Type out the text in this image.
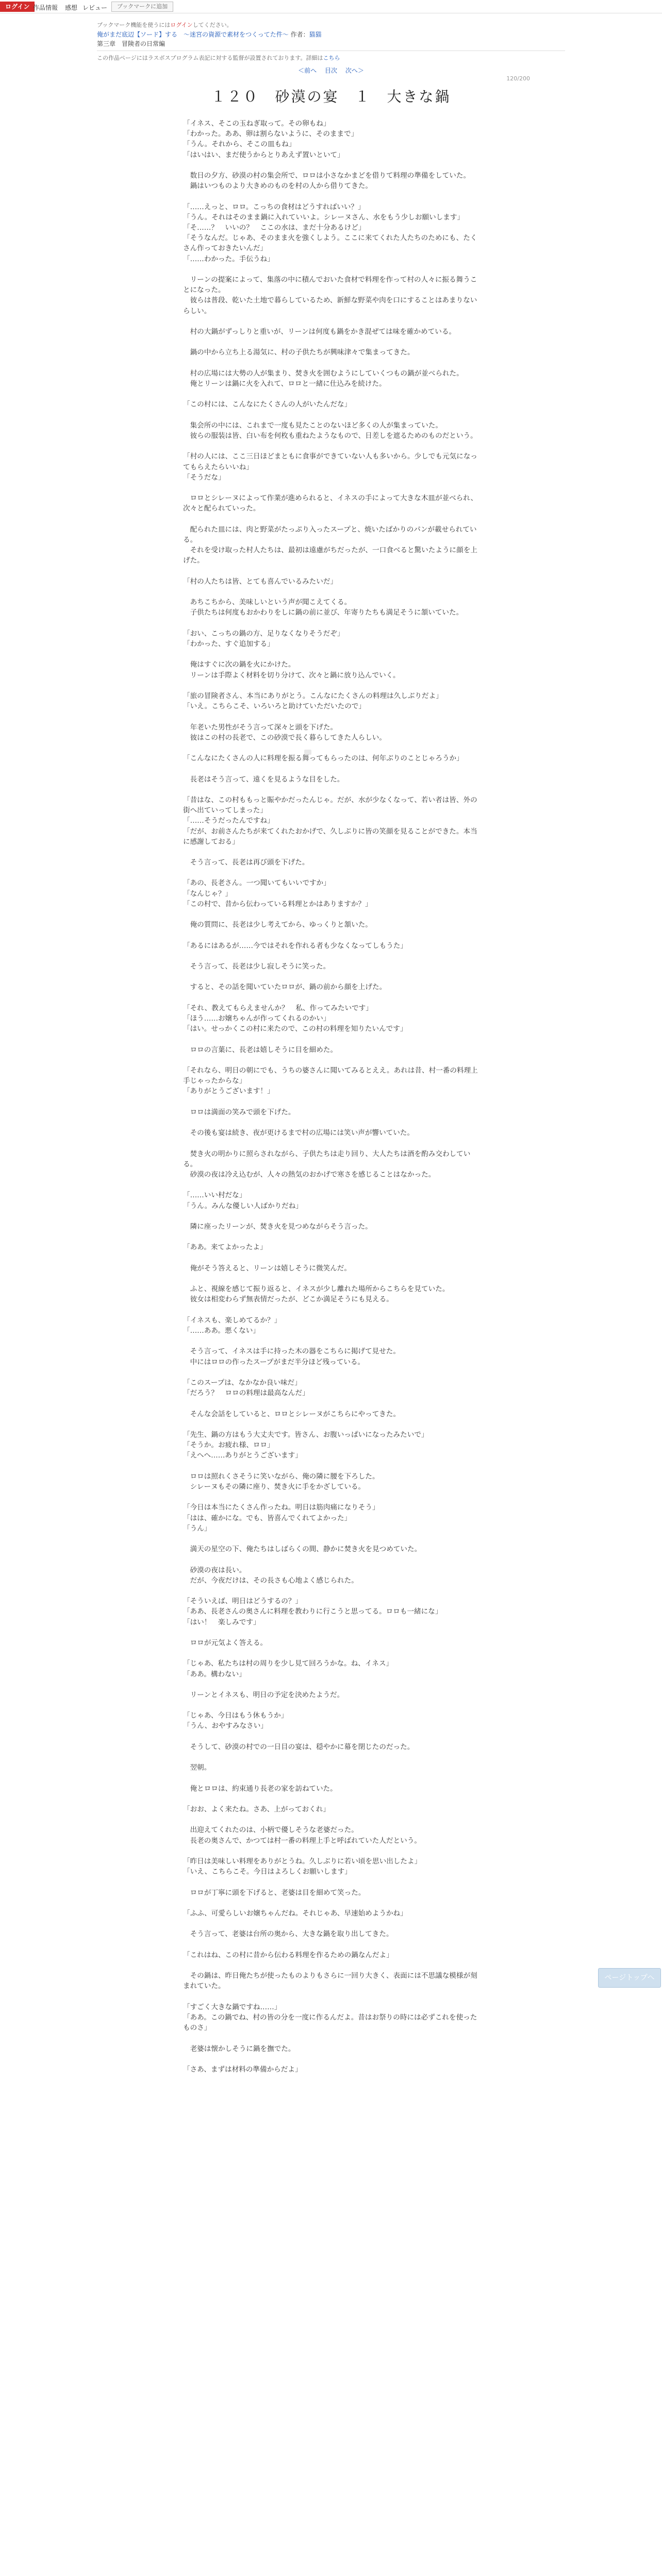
ログイン 作品情報 感想 レビュー	ブックマークに追加
ブックマーク機能を使うにはログインしてください。
俺がまだ底辺【ソード】する　～迷宮の資源で素材をつくってた件～ 作者：猫猫
第三章　冒険者の日常編
この作品ページにはラスボスプログラム表記に対する監督が設置されております。詳細はこちら
＜前へ 目次 次へ＞
120/200
１２０　砂漠の宴　１　大きな鍋

「イネス、そこの玉ねぎ取って。その卵もね」

「わかった。ああ、卵は割らないように、そのままで」

「うん。それから、そこの皿もね」

「はいはい、まだ使うからとりあえず置いといて」

　数日の夕方、砂漠の村の集会所で、ロロは小さなかまどを借りて料理の準備をしていた。

　鍋はいつものより大きめのものを村の人から借りてきた。

「……えっと、ロロ。こっちの食材はどうすればいい？」

「うん。それはそのまま鍋に入れていいよ。シレーヌさん、水をもう少しお願いします」

「そ……？　いいの？　ここの水は、まだ十分あるけど」

「そうなんだ。じゃあ、そのまま火を強くしよう。ここに来てくれた人たちのためにも、たくさん作っておきたいんだ」

「……わかった。手伝うね」

　リーンの提案によって、集落の中に積んでおいた食材で料理を作って村の人々に振る舞うことになった。

　彼らは普段、乾いた土地で暮らしているため、新鮮な野菜や肉を口にすることはあまりないらしい。

　村の大鍋がずっしりと重いが、リーンは何度も鍋をかき混ぜては味を確かめている。

　鍋の中から立ち上る湯気に、村の子供たちが興味津々で集まってきた。

　村の広場には大勢の人が集まり、焚き火を囲むようにしていくつもの鍋が並べられた。

　俺とリーンは鍋に火を入れて、ロロと一緒に仕込みを続けた。

「この村には、こんなにたくさんの人がいたんだな」

　集会所の中には、これまで一度も見たことのないほど多くの人が集まっていた。

　彼らの服装は皆、白い布を何枚も重ねたようなもので、日差しを遮るためのものだという。

「村の人には、ここ三日ほどまともに食事ができていない人も多いから。少しでも元気になってもらえたらいいね」

「そうだな」

　ロロとシレーヌによって作業が進められると、イネスの手によって大きな木皿が並べられ、次々と配られていった。

　配られた皿には、肉と野菜がたっぷり入ったスープと、焼いたばかりのパンが載せられている。

　それを受け取った村人たちは、最初は遠慮がちだったが、一口食べると驚いたように顔を上げた。

「村の人たちは皆、とても喜んでいるみたいだ」

　あちこちから、美味しいという声が聞こえてくる。

　子供たちは何度もおかわりをしに鍋の前に並び、年寄りたちも満足そうに頷いていた。

「おい、こっちの鍋の方、足りなくなりそうだぞ」

「わかった、すぐ追加する」

　俺はすぐに次の鍋を火にかけた。

　リーンは手際よく材料を切り分けて、次々と鍋に放り込んでいく。

「旅の冒険者さん、本当にありがとう。こんなにたくさんの料理は久しぶりだよ」

「いえ。こちらこそ、いろいろと助けていただいたので」

　年老いた男性がそう言って深々と頭を下げた。

　彼はこの村の長老で、この砂漠で長く暮らしてきた人らしい。

「こんなにたくさんの人に料理を振る舞ってもらったのは、何年ぶりのことじゃろうか」

　長老はそう言って、遠くを見るような目をした。

「昔はな、この村ももっと賑やかだったんじゃ。だが、水が少なくなって、若い者は皆、外の街へ出ていってしまった」

「……そうだったんですね」

「だが、お前さんたちが来てくれたおかげで、久しぶりに皆の笑顔を見ることができた。本当に感謝しておる」

　そう言って、長老は再び頭を下げた。

「あの、長老さん。一つ聞いてもいいですか」

「なんじゃ？」

「この村で、昔から伝わっている料理とかはありますか？」

　俺の質問に、長老は少し考えてから、ゆっくりと頷いた。

「あるにはあるが……今ではそれを作れる者も少なくなってしもうた」

　そう言って、長老は少し寂しそうに笑った。

　すると、その話を聞いていたロロが、鍋の前から顔を上げた。

「それ、教えてもらえませんか？　私、作ってみたいです」

「ほう……お嬢ちゃんが作ってくれるのかい」

「はい。せっかくこの村に来たので、この村の料理を知りたいんです」

　ロロの言葉に、長老は嬉しそうに目を細めた。

「それなら、明日の朝にでも、うちの婆さんに聞いてみるとええ。あれは昔、村一番の料理上手じゃったからな」

「ありがとうございます！」

　ロロは満面の笑みで頭を下げた。

　その後も宴は続き、夜が更けるまで村の広場には笑い声が響いていた。

　焚き火の明かりに照らされながら、子供たちは走り回り、大人たちは酒を酌み交わしている。

　砂漠の夜は冷え込むが、人々の熱気のおかげで寒さを感じることはなかった。

「……いい村だな」

「うん。みんな優しい人ばかりだね」

　隣に座ったリーンが、焚き火を見つめながらそう言った。

「ああ。来てよかったよ」

　俺がそう答えると、リーンは嬉しそうに微笑んだ。

　ふと、視線を感じて振り返ると、イネスが少し離れた場所からこちらを見ていた。

　彼女は相変わらず無表情だったが、どこか満足そうにも見える。

「イネスも、楽しめてるか？」

「……ああ。悪くない」

　そう言って、イネスは手に持った木の器をこちらに掲げて見せた。

　中にはロロの作ったスープがまだ半分ほど残っている。

「このスープは、なかなか良い味だ」

「だろう？　ロロの料理は最高なんだ」

　そんな会話をしていると、ロロとシレーヌがこちらにやってきた。

「先生、鍋の方はもう大丈夫です。皆さん、お腹いっぱいになったみたいで」

「そうか。お疲れ様、ロロ」

「えへへ……ありがとうございます」

　ロロは照れくさそうに笑いながら、俺の隣に腰を下ろした。

　シレーヌもその隣に座り、焚き火に手をかざしている。

「今日は本当にたくさん作ったね。明日は筋肉痛になりそう」

「はは、確かにな。でも、皆喜んでくれてよかった」

「うん」

　満天の星空の下、俺たちはしばらくの間、静かに焚き火を見つめていた。

　砂漠の夜は長い。

　だが、今夜だけは、その長さも心地よく感じられた。

「そういえば、明日はどうするの？」

「ああ、長老さんの奥さんに料理を教わりに行こうと思ってる。ロロも一緒にな」

「はい！　楽しみです」

　ロロが元気よく答える。

「じゃあ、私たちは村の周りを少し見て回ろうかな。ね、イネス」

「ああ。構わない」

　リーンとイネスも、明日の予定を決めたようだ。

「じゃあ、今日はもう休もうか」

「うん、おやすみなさい」

　そうして、砂漠の村での一日目の宴は、穏やかに幕を閉じたのだった。

　翌朝。

　俺とロロは、約束通り長老の家を訪ねていた。

「おお、よく来たね。さあ、上がっておくれ」

　出迎えてくれたのは、小柄で優しそうな老婆だった。

　長老の奥さんで、かつては村一番の料理上手と呼ばれていた人だという。

「昨日は美味しい料理をありがとうね。久しぶりに若い頃を思い出したよ」

「いえ、こちらこそ。今日はよろしくお願いします」

　ロロが丁寧に頭を下げると、老婆は目を細めて笑った。

「ふふ、可愛らしいお嬢ちゃんだね。それじゃあ、早速始めようかね」

　そう言って、老婆は台所の奥から、大きな鍋を取り出してきた。

「これはね、この村に昔から伝わる料理を作るための鍋なんだよ」

　その鍋は、昨日俺たちが使ったものよりもさらに一回り大きく、表面には不思議な模様が刻まれていた。

「すごく大きな鍋ですね……」

「ああ。この鍋でね、村の皆の分を一度に作るんだよ。昔はお祭りの時には必ずこれを使ったものさ」

　老婆は懐かしそうに鍋を撫でた。

「さあ、まずは材料の準備からだよ」

ページトップへ
